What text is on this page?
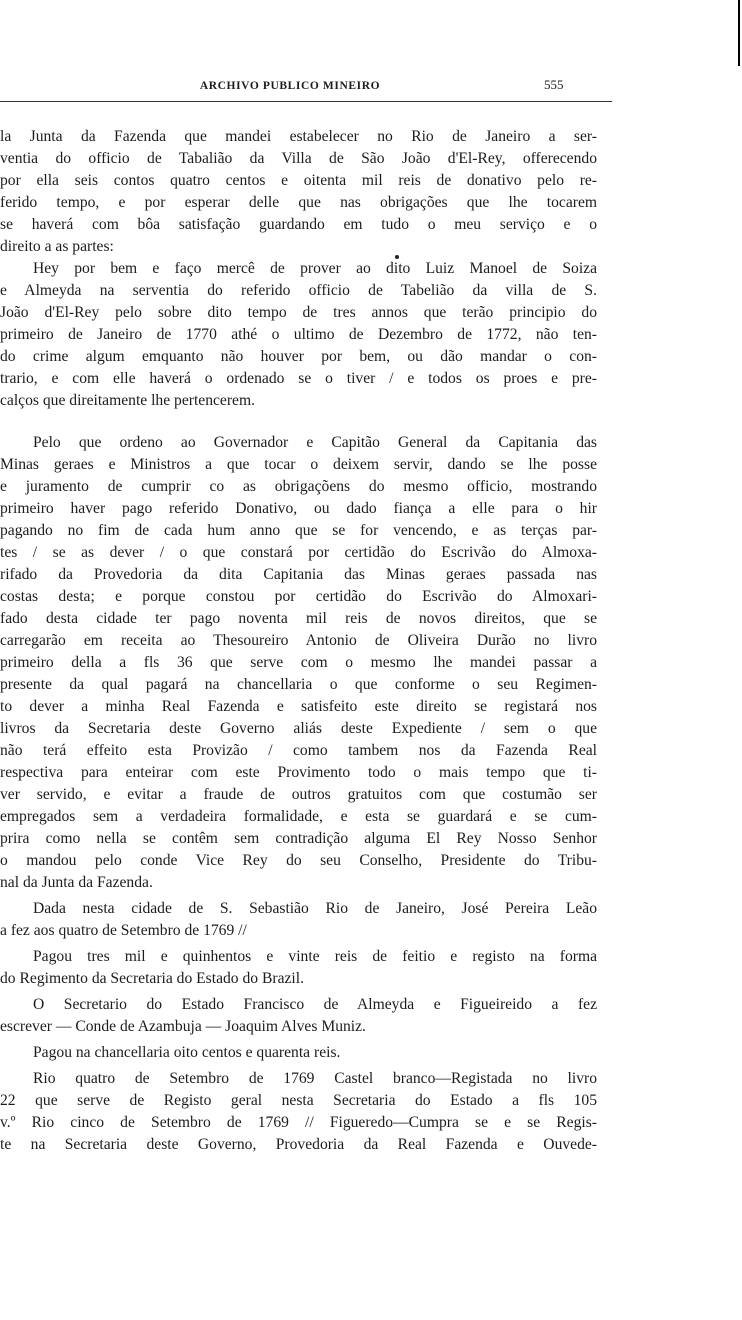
ARCHIVO PUBLICO MINEIRO	555
la Junta da Fazenda que mandei estabelecer no Rio de Janeiro a ser-
ventia do officio de Tabalião da Villa de São João d'El-Rey, offerecendo
por ella seis contos quatro centos e oitenta mil reis de donativo pelo re-
ferido tempo, e por esperar delle que nas obrigações que lhe tocarem
se haverá com bôa satisfação guardando em tudo o meu serviço e o
direito a as partes:
Hey por bem e faço mercê de prover ao dito Luiz Manoel de Soiza
e Almeyda na serventia do referido officio de Tabelião da villa de S.
João d'El-Rey pelo sobre dito tempo de tres annos que terão principio do
primeiro de Janeiro de 1770 athé o ultimo de Dezembro de 1772, não ten-
do crime algum emquanto não houver por bem, ou dão mandar o con-
trario, e com elle haverá o ordenado se o tiver / e todos os proes e pre-
calços que direitamente lhe pertencerem.
Pelo que ordeno ao Governador e Capitão General da Capitania das
Minas geraes e Ministros a que tocar o deixem servir, dando se lhe posse
e juramento de cumprir co as obrigaçõens do mesmo officio, mostrando
primeiro haver pago referido Donativo, ou dado fiança a elle para o hir
pagando no fim de cada hum anno que se for vencendo, e as terças par-
tes / se as dever / o que constará por certidão do Escrivão do Almoxa-
rifado da Provedoria da dita Capitania das Minas geraes passada nas
costas desta; e porque constou por certidão do Escrivão do Almoxari-
fado desta cidade ter pago noventa mil reis de novos direitos, que se
carregarão em receita ao Thesoureiro Antonio de Oliveira Durão no livro
primeiro della a fls 36 que serve com o mesmo lhe mandei passar a
presente da qual pagará na chancellaria o que conforme o seu Regimen-
to dever a minha Real Fazenda e satisfeito este direito se registará nos
livros da Secretaria deste Governo aliás deste Expediente / sem o que
não terá effeito esta Provizão / como tambem nos da Fazenda Real
respectiva para enteirar com este Provimento todo o mais tempo que ti-
ver servido, e evitar a fraude de outros gratuitos com que costumão ser
empregados sem a verdadeira formalidade, e esta se guardará e se cum-
prira como nella se contêm sem contradição alguma El Rey Nosso Senhor
o mandou pelo conde Vice Rey do seu Conselho, Presidente do Tribu-
nal da Junta da Fazenda.
Dada nesta cidade de S. Sebastião Rio de Janeiro, José Pereira Leão
a fez aos quatro de Setembro de 1769 //
Pagou tres mil e quinhentos e vinte reis de feitio e registo na forma
do Regimento da Secretaria do Estado do Brazil.
O Secretario do Estado Francisco de Almeyda e Figueireido a fez
escrever — Conde de Azambuja — Joaquim Alves Muniz.
Pagou na chancellaria oito centos e quarenta reis.
Rio quatro de Setembro de 1769 Castel branco—Registada no livro
22 que serve de Registo geral nesta Secretaria do Estado a fls 105
v.º Rio cinco de Setembro de 1769 // Figueredo—Cumpra se e se Regis-
te na Secretaria deste Governo, Provedoria da Real Fazenda e Ouvede-
